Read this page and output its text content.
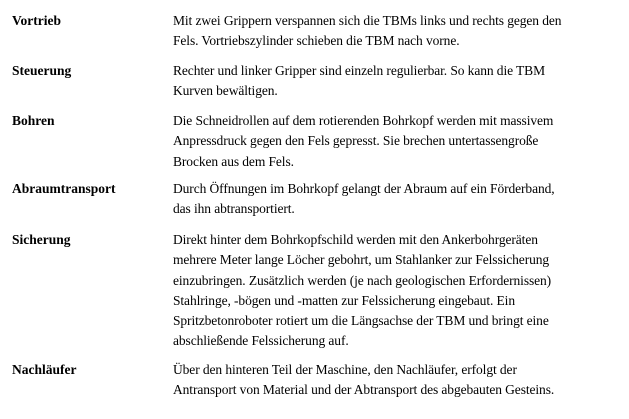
Vortrieb	Mit zwei Grippern verspannen sich die TBMs links und rechts gegen den
Fels. Vortriebszylinder schieben die TBM nach vorne.
Steuerung	Rechter und linker Gripper sind einzeln regulierbar. So kann die TBM
Kurven bewältigen.
Bohren	Die Schneidrollen auf dem rotierenden Bohrkopf werden mit massivem
Anpressdruck gegen den Fels gepresst. Sie brechen untertassengroße
Brocken aus dem Fels.
Abraumtransport	Durch Öffnungen im Bohrkopf gelangt der Abraum auf ein Förderband,
das ihn abtransportiert.
Sicherung	Direkt hinter dem Bohrkopfschild werden mit den Ankerbohrgeräten
mehrere Meter lange Löcher gebohrt, um Stahlanker zur Felssicherung
einzubringen. Zusätzlich werden (je nach geologischen Erfordernissen)
Stahlringe, -bögen und -matten zur Felssicherung eingebaut. Ein
Spritzbetonroboter rotiert um die Längsachse der TBM und bringt eine
abschließende Felssicherung auf.
Nachläufer	Über den hinteren Teil der Maschine, den Nachläufer, erfolgt der
Antransport von Material und der Abtransport des abgebauten Gesteins.
